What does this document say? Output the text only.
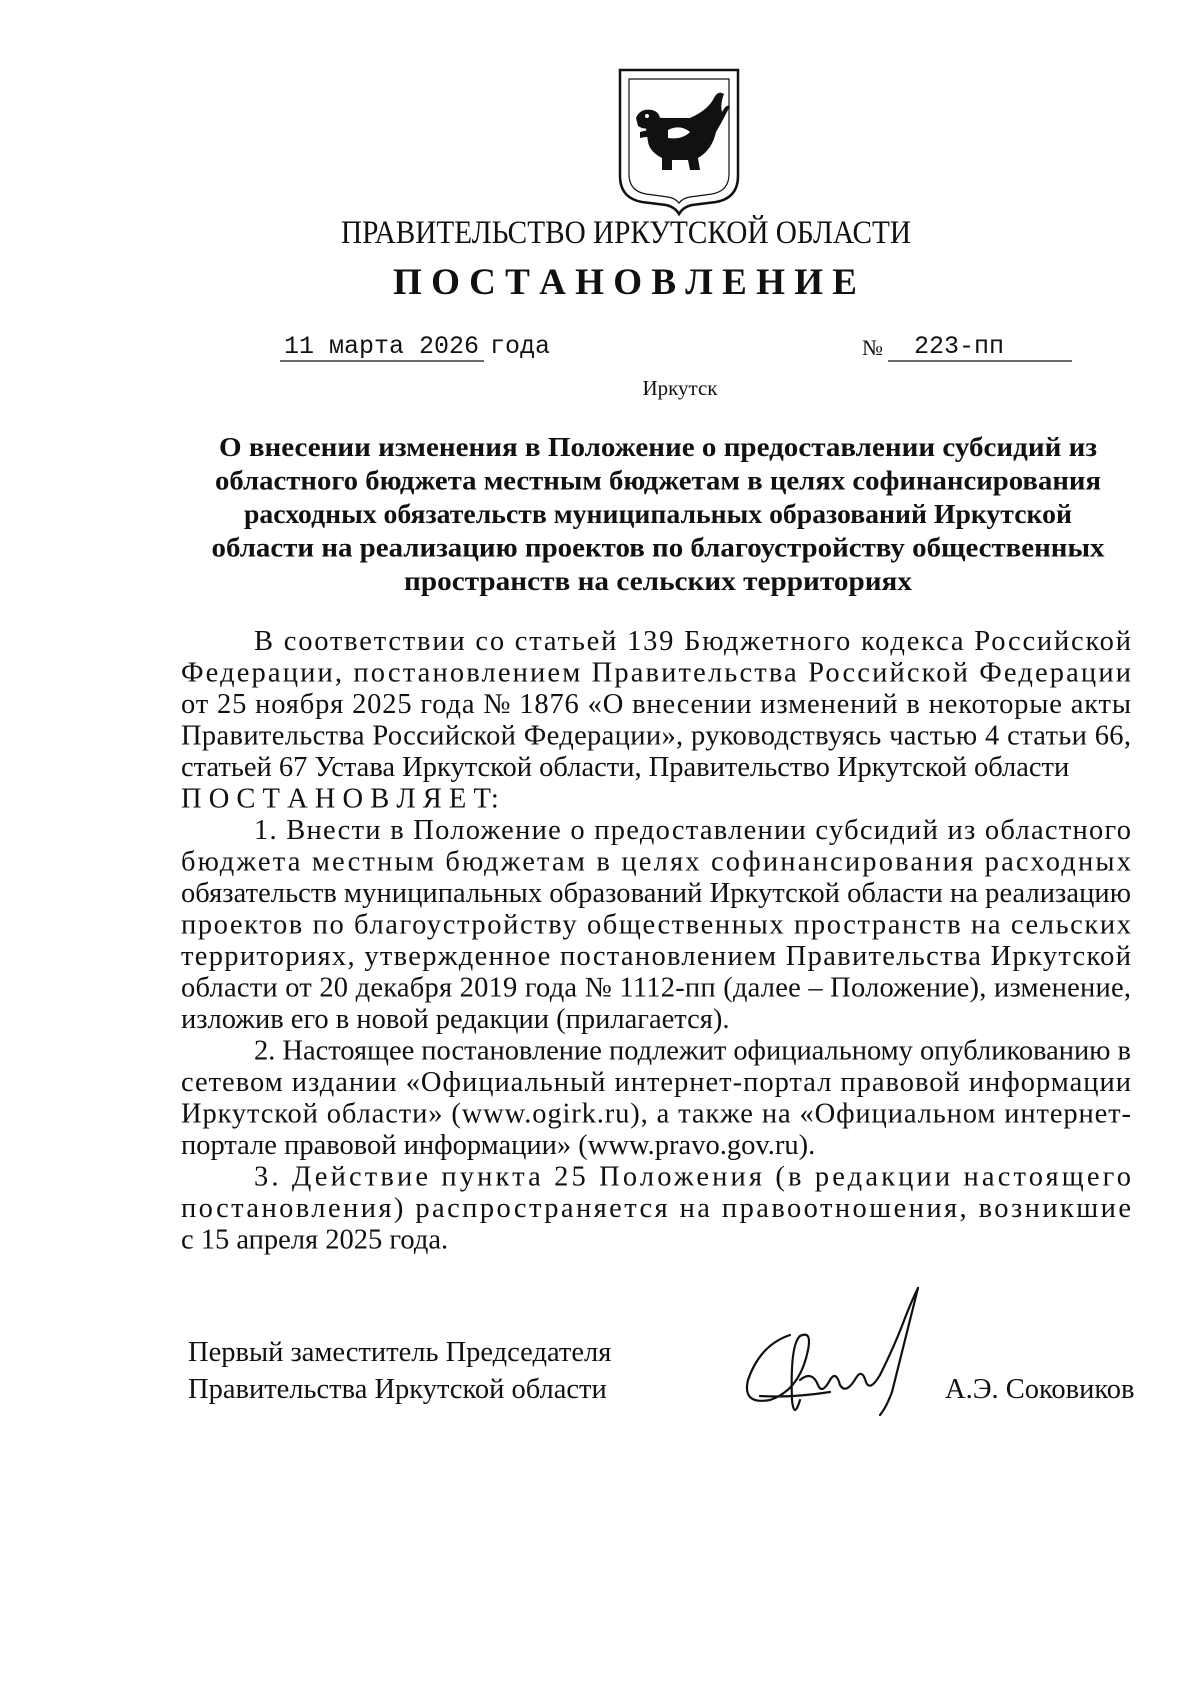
ПРАВИТЕЛЬСТВО ИРКУТСКОЙ ОБЛАСТИ
П О С Т А Н О В Л Е Н И Е
11 марта 2026 года	№ 223-пп
Иркутск
О внесении изменения в Положение о предоставлении субсидий из
областного бюджета местным бюджетам в целях софинансирования
расходных обязательств муниципальных образований Иркутской
области на реализацию проектов по благоустройству общественных
пространств на сельских территориях
В соответствии со статьей 139 Бюджетного кодекса Российской
Федерации, постановлением Правительства Российской Федерации
от 25 ноября 2025 года № 1876 «О внесении изменений в некоторые акты
Правительства Российской Федерации», руководствуясь частью 4 статьи 66,
статьей 67 Устава Иркутской области, Правительство Иркутской области
П О С Т А Н О В Л Я Е Т:
1. Внести в Положение о предоставлении субсидий из областного
бюджета местным бюджетам в целях софинансирования расходных
обязательств муниципальных образований Иркутской области на реализацию
проектов по благоустройству общественных пространств на сельских
территориях, утвержденное постановлением Правительства Иркутской
области от 20 декабря 2019 года № 1112-пп (далее – Положение), изменение,
изложив его в новой редакции (прилагается).
2. Настоящее постановление подлежит официальному опубликованию в
сетевом издании «Официальный интернет-портал правовой информации
Иркутской области» (www.ogirk.ru), а также на «Официальном интернет-
портале правовой информации» (www.pravo.gov.ru).
3. Действие пункта 25 Положения (в редакции настоящего
постановления) распространяется на правоотношения, возникшие
с 15 апреля 2025 года.
Первый заместитель Председателя
Правительства Иркутской области	А.Э. Соковиков
